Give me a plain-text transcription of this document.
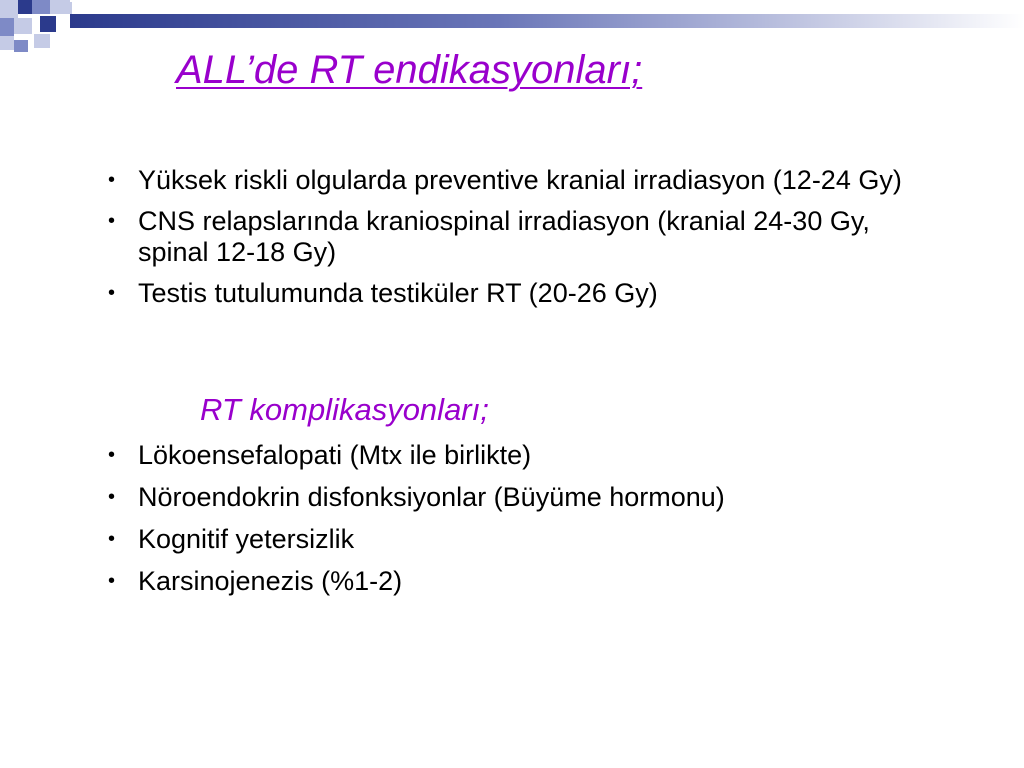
ALL’de RT endikasyonları;
• Yüksek riskli olgularda preventive kranial irradiasyon (12-24 Gy)
• CNS relapslarında kraniospinal irradiasyon (kranial 24-30 Gy, spinal 12-18 Gy)
• Testis tutulumunda testiküler RT (20-26 Gy)
RT komplikasyonları;
• Lökoensefalopati (Mtx ile birlikte)
• Nöroendokrin disfonksiyonlar (Büyüme hormonu)
• Kognitif yetersizlik
• Karsinojenezis (%1-2)
